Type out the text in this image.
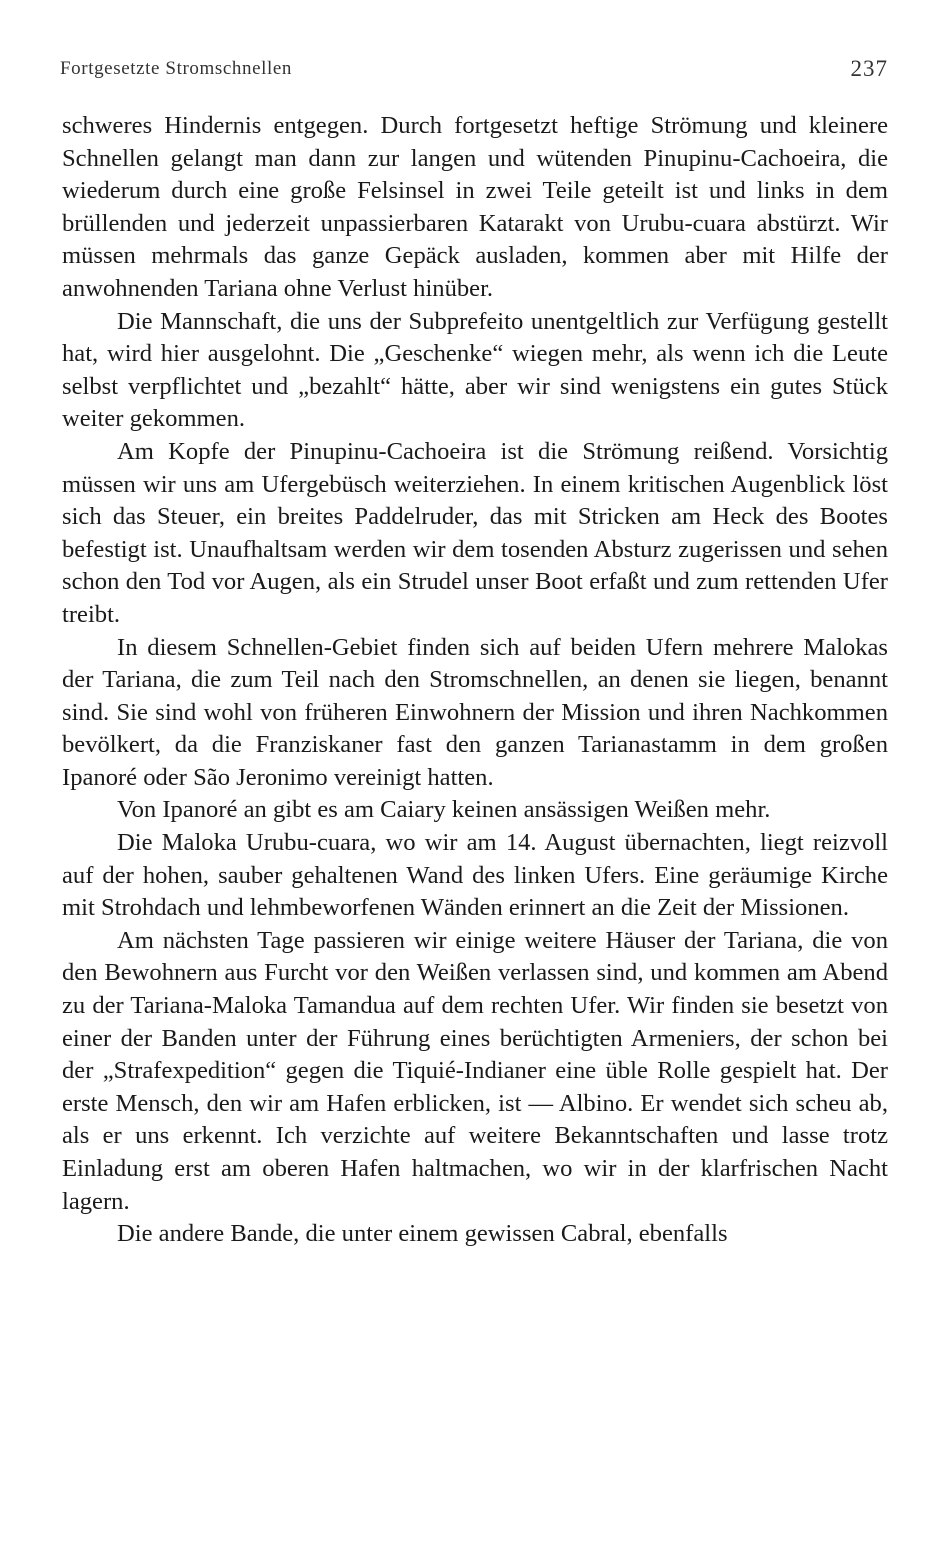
Fortgesetzte Stromschnellen	237

schweres Hindernis entgegen. Durch fortgesetzt heftige Strömung und kleinere Schnellen gelangt man dann zur langen und wütenden Pinupinu-Cachoeira, die wiederum durch eine große Felsinsel in zwei Teile geteilt ist und links in dem brüllenden und jederzeit unpassierbaren Katarakt von Urubu-cuara abstürzt. Wir müssen mehrmals das ganze Gepäck ausladen, kommen aber mit Hilfe der anwohnenden Tariana ohne Verlust hinüber.

Die Mannschaft, die uns der Subprefeito unentgeltlich zur Verfügung gestellt hat, wird hier ausgelohnt. Die „Geschenke“ wiegen mehr, als wenn ich die Leute selbst verpflichtet und „bezahlt“ hätte, aber wir sind wenigstens ein gutes Stück weiter gekommen.

Am Kopfe der Pinupinu-Cachoeira ist die Strömung reißend. Vorsichtig müssen wir uns am Ufergebüsch weiterziehen. In einem kritischen Augenblick löst sich das Steuer, ein breites Paddelruder, das mit Stricken am Heck des Bootes befestigt ist. Unaufhaltsam werden wir dem tosenden Absturz zugerissen und sehen schon den Tod vor Augen, als ein Strudel unser Boot erfaßt und zum rettenden Ufer treibt.

In diesem Schnellen-Gebiet finden sich auf beiden Ufern mehrere Malokas der Tariana, die zum Teil nach den Stromschnellen, an denen sie liegen, benannt sind. Sie sind wohl von früheren Einwohnern der Mission und ihren Nachkommen bevölkert, da die Franziskaner fast den ganzen Tarianastamm in dem großen Ipanoré oder São Jeronimo vereinigt hatten.

Von Ipanoré an gibt es am Caiary keinen ansässigen Weißen mehr.

Die Maloka Urubu-cuara, wo wir am 14. August übernachten, liegt reizvoll auf der hohen, sauber gehaltenen Wand des linken Ufers. Eine geräumige Kirche mit Strohdach und lehmbeworfenen Wänden erinnert an die Zeit der Missionen.

Am nächsten Tage passieren wir einige weitere Häuser der Tariana, die von den Bewohnern aus Furcht vor den Weißen verlassen sind, und kommen am Abend zu der Tariana-Maloka Tamandua auf dem rechten Ufer. Wir finden sie besetzt von einer der Banden unter der Führung eines berüchtigten Armeniers, der schon bei der „Strafexpedition“ gegen die Tiquié-Indianer eine üble Rolle gespielt hat. Der erste Mensch, den wir am Hafen erblicken, ist — Albino. Er wendet sich scheu ab, als er uns erkennt. Ich verzichte auf weitere Bekanntschaften und lasse trotz Einladung erst am oberen Hafen haltmachen, wo wir in der klarfrischen Nacht lagern.

Die andere Bande, die unter einem gewissen Cabral, ebenfalls
